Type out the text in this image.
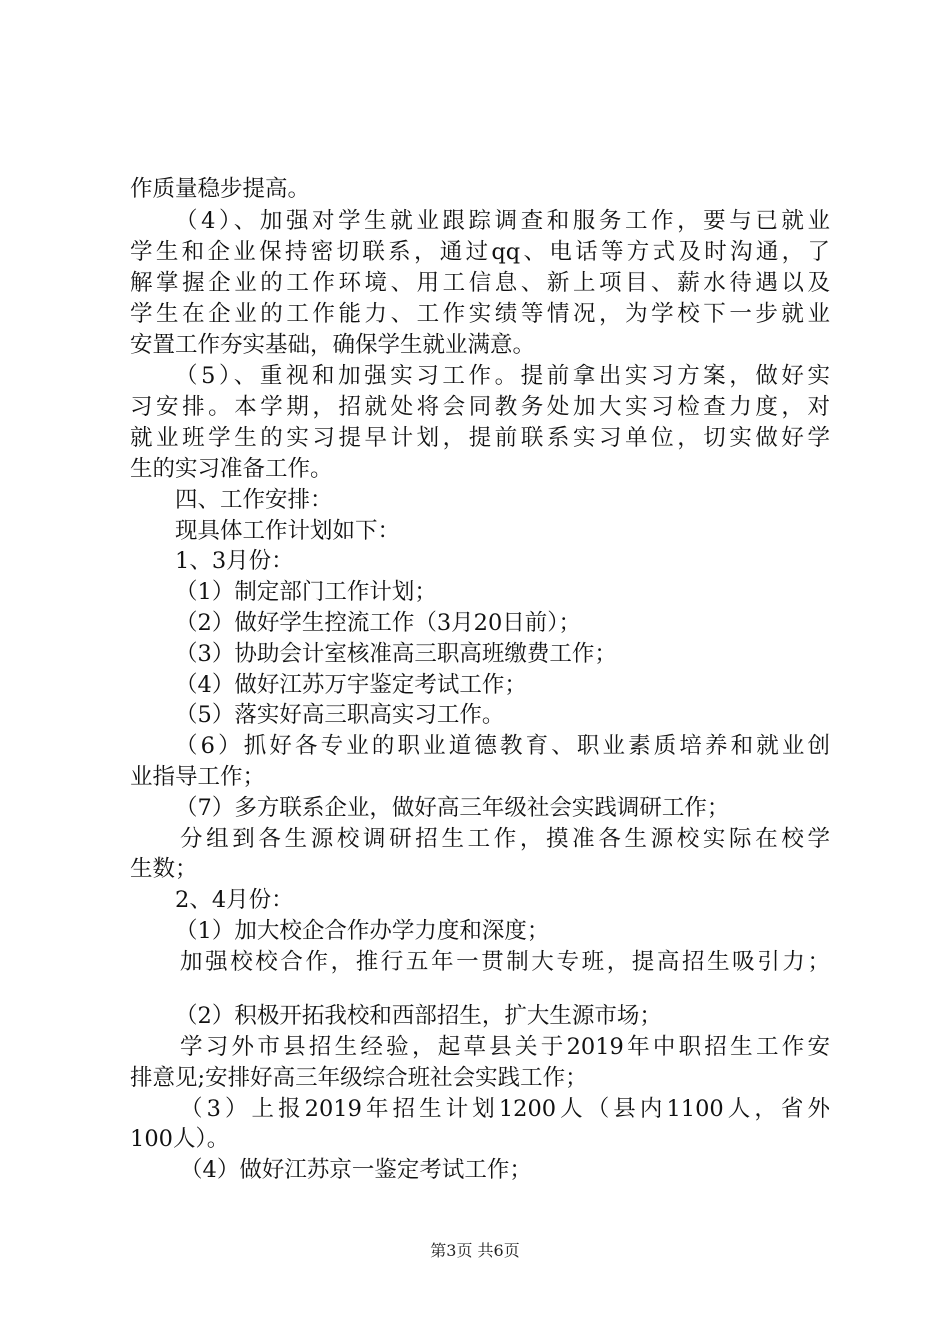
作质量稳步提高。
（4）、加强对学生就业跟踪调查和服务工作，要与已就业
学生和企业保持密切联系，通过qq、电话等方式及时沟通，了
解掌握企业的工作环境、用工信息、新上项目、薪水待遇以及
学生在企业的工作能力、工作实绩等情况，为学校下一步就业
安置工作夯实基础，确保学生就业满意。
（5）、重视和加强实习工作。提前拿出实习方案，做好实
习安排。本学期，招就处将会同教务处加大实习检查力度，对
就业班学生的实习提早计划，提前联系实习单位，切实做好学
生的实习准备工作。
四、工作安排：
现具体工作计划如下：
1、3月份：
（1）制定部门工作计划；
（2）做好学生控流工作（3月20日前）；
（3）协助会计室核准高三职高班缴费工作；
（4）做好江苏万宇鉴定考试工作；
（5）落实好高三职高实习工作。
（6）抓好各专业的职业道德教育、职业素质培养和就业创
业指导工作；
（7）多方联系企业，做好高三年级社会实践调研工作；
分组到各生源校调研招生工作，摸准各生源校实际在校学
生数；
2、4月份：
（1）加大校企合作办学力度和深度；
加强校校合作，推行五年一贯制大专班，提高招生吸引力；
（2）积极开拓我校和西部招生，扩大生源市场；
学习外市县招生经验，起草县关于2019年中职招生工作安
排意见;安排好高三年级综合班社会实践工作；
（3）上报2019年招生计划1200人（县内1100人，省外
100人）。
（4）做好江苏京一鉴定考试工作；
第3页 共6页
